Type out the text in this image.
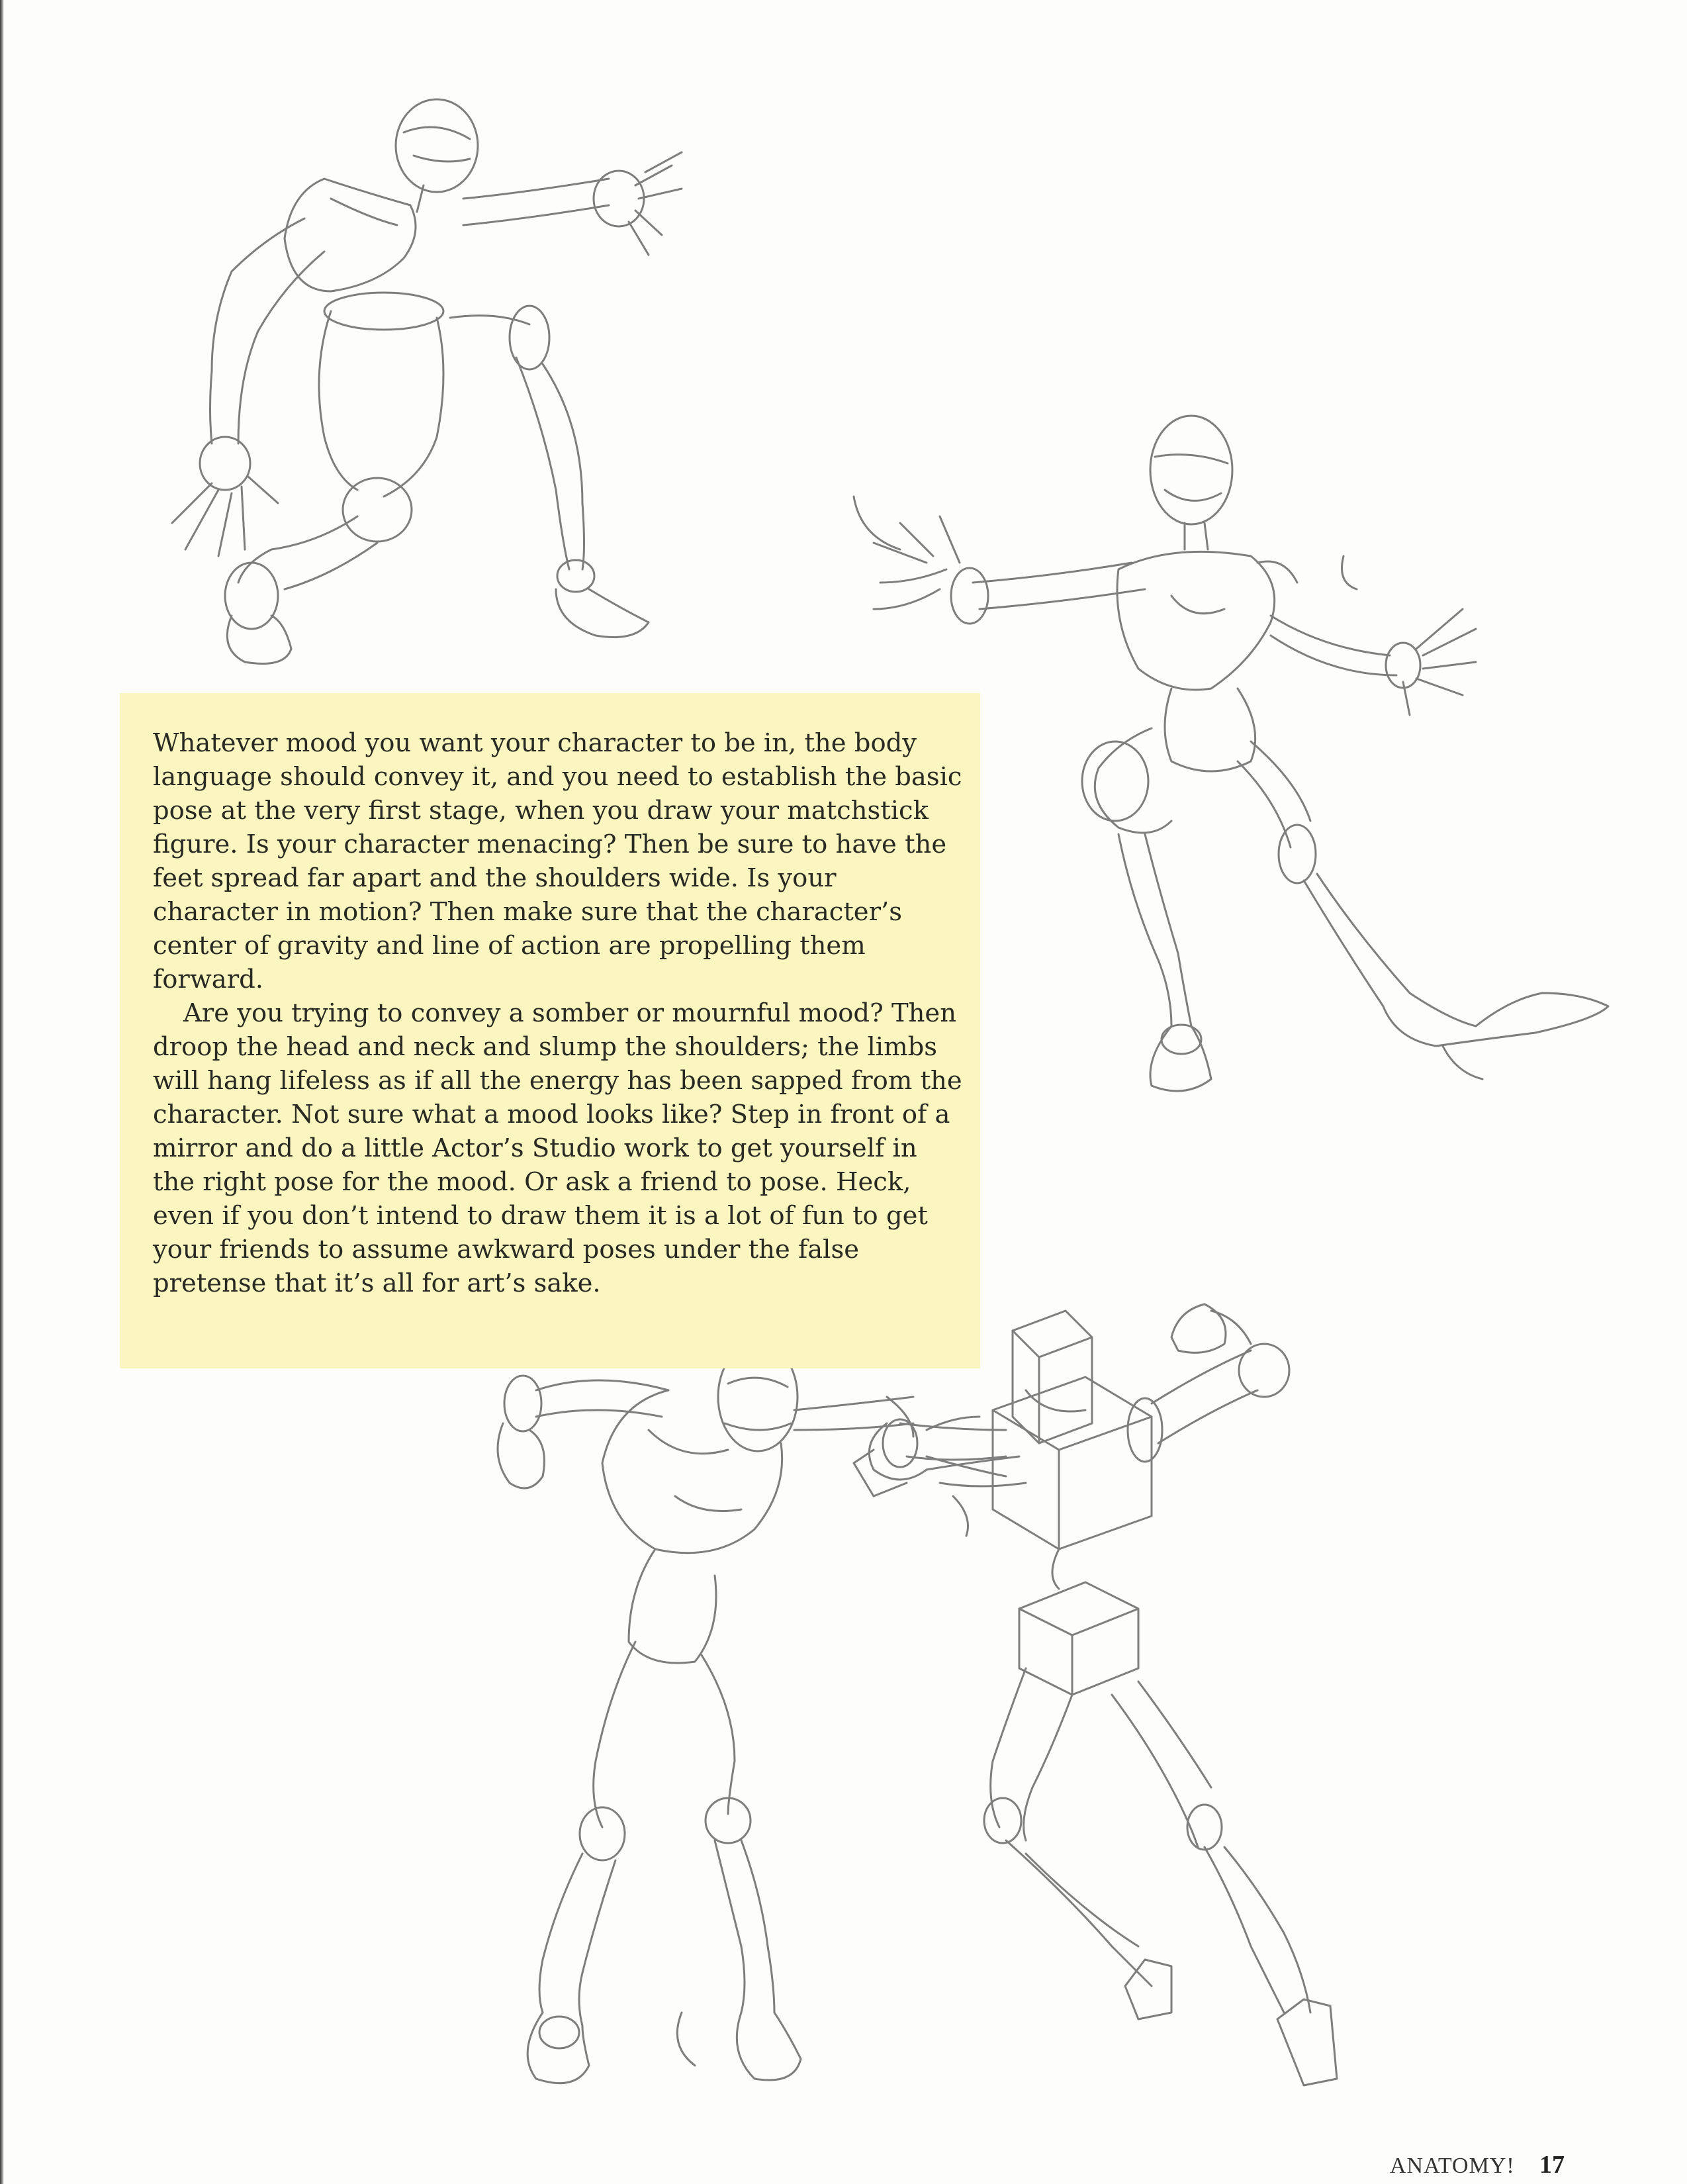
Whatever mood you want your character to be in, the body language should convey it, and you need to establish the basic pose at the very first stage, when you draw your matchstick figure. Is your character menacing? Then be sure to have the feet spread far apart and the shoulders wide. Is your character in motion? Then make sure that the character’s center of gravity and line of action are propelling them forward.

Are you trying to convey a somber or mournful mood? Then droop the head and neck and slump the shoulders; the limbs will hang lifeless as if all the energy has been sapped from the character. Not sure what a mood looks like? Step in front of a mirror and do a little Actor’s Studio work to get yourself in the right pose for the mood. Or ask a friend to pose. Heck, even if you don’t intend to draw them it is a lot of fun to get your friends to assume awkward poses under the false pretense that it’s all for art’s sake.

ANATOMY! 17
